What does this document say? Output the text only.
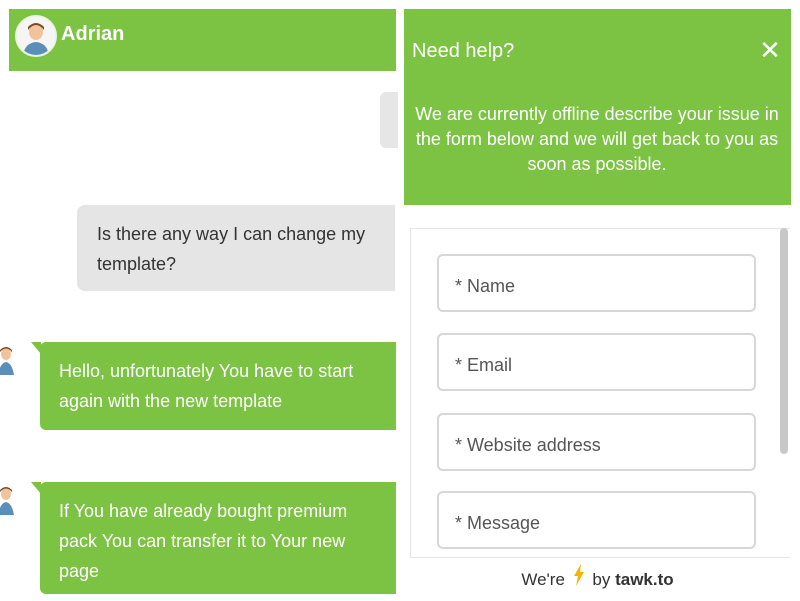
Adrian
Is there any way I can change my template?
Hello, unfortunately You have to start again with the new template
If You have already bought premium pack You can transfer it to Your new page
Need help?	✕
We are currently offline describe your issue in the form below and we will get back to you as soon as possible.
* Name
* Email
* Website address
* Message
We're by tawk.to
